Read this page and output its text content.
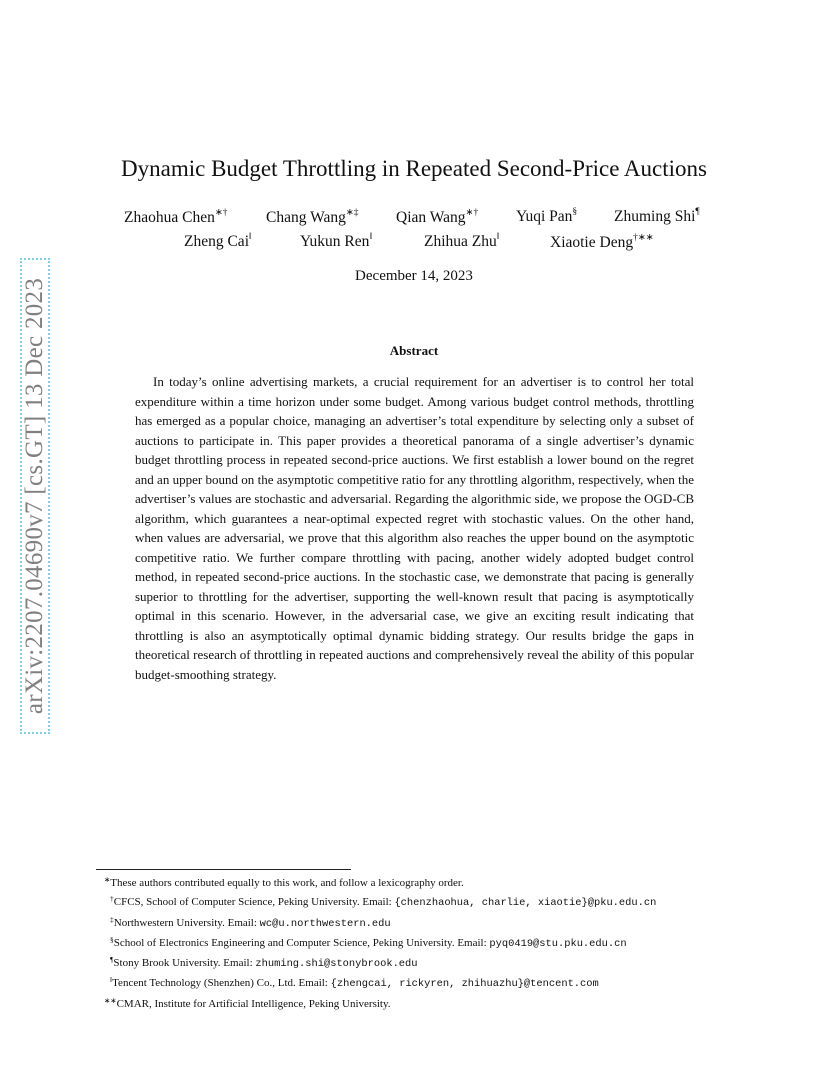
arXiv:2207.04690v7 [cs.GT] 13 Dec 2023
Dynamic Budget Throttling in Repeated Second-Price Auctions
Zhaohua Chen∗† Chang Wang∗‡ Qian Wang∗† Yuqi Pan§ Zhuming Shi¶
Zheng Cai‖	Yukun Ren‖	Zhihua Zhu‖	Xiaotie Deng†∗∗
December 14, 2023
Abstract

In today’s online advertising markets, a crucial requirement for an advertiser is to control her total expenditure within a time horizon under some budget. Among various budget control methods, throttling has emerged as a popular choice, managing an advertiser’s total expenditure by selecting only a subset of auctions to participate in. This paper provides a theoretical panorama of a single advertiser’s dynamic budget throttling process in repeated second-price auctions. We first establish a lower bound on the regret and an upper bound on the asymptotic competitive ratio for any throttling algorithm, respectively, when the advertiser’s values are stochastic and adversarial. Regarding the algorithmic side, we propose the OGD-CB algorithm, which guarantees a near-optimal expected regret with stochastic values. On the other hand, when values are adversarial, we prove that this algorithm also reaches the upper bound on the asymptotic competitive ratio. We further compare throttling with pacing, another widely adopted budget control method, in repeated second-price auctions. In the stochastic case, we demonstrate that pacing is generally superior to throttling for the advertiser, supporting the well-known result that pacing is asymptotically optimal in this scenario. However, in the adversarial case, we give an exciting result indicating that throttling is also an asymptotically optimal dynamic bidding strategy. Our results bridge the gaps in theoretical research of throttling in repeated auctions and comprehensively reveal the ability of this popular budget-smoothing strategy.

∗These authors contributed equally to this work, and follow a lexicography order.
†CFCS, School of Computer Science, Peking University. Email: {chenzhaohua, charlie, xiaotie}@pku.edu.cn
‡Northwestern University. Email: wc@u.northwestern.edu
§School of Electronics Engineering and Computer Science, Peking University. Email: pyq0419@stu.pku.edu.cn
¶Stony Brook University. Email: zhuming.shi@stonybrook.edu
‖Tencent Technology (Shenzhen) Co., Ltd. Email: {zhengcai, rickyren, zhihuazhu}@tencent.com
∗∗CMAR, Institute for Artificial Intelligence, Peking University.
